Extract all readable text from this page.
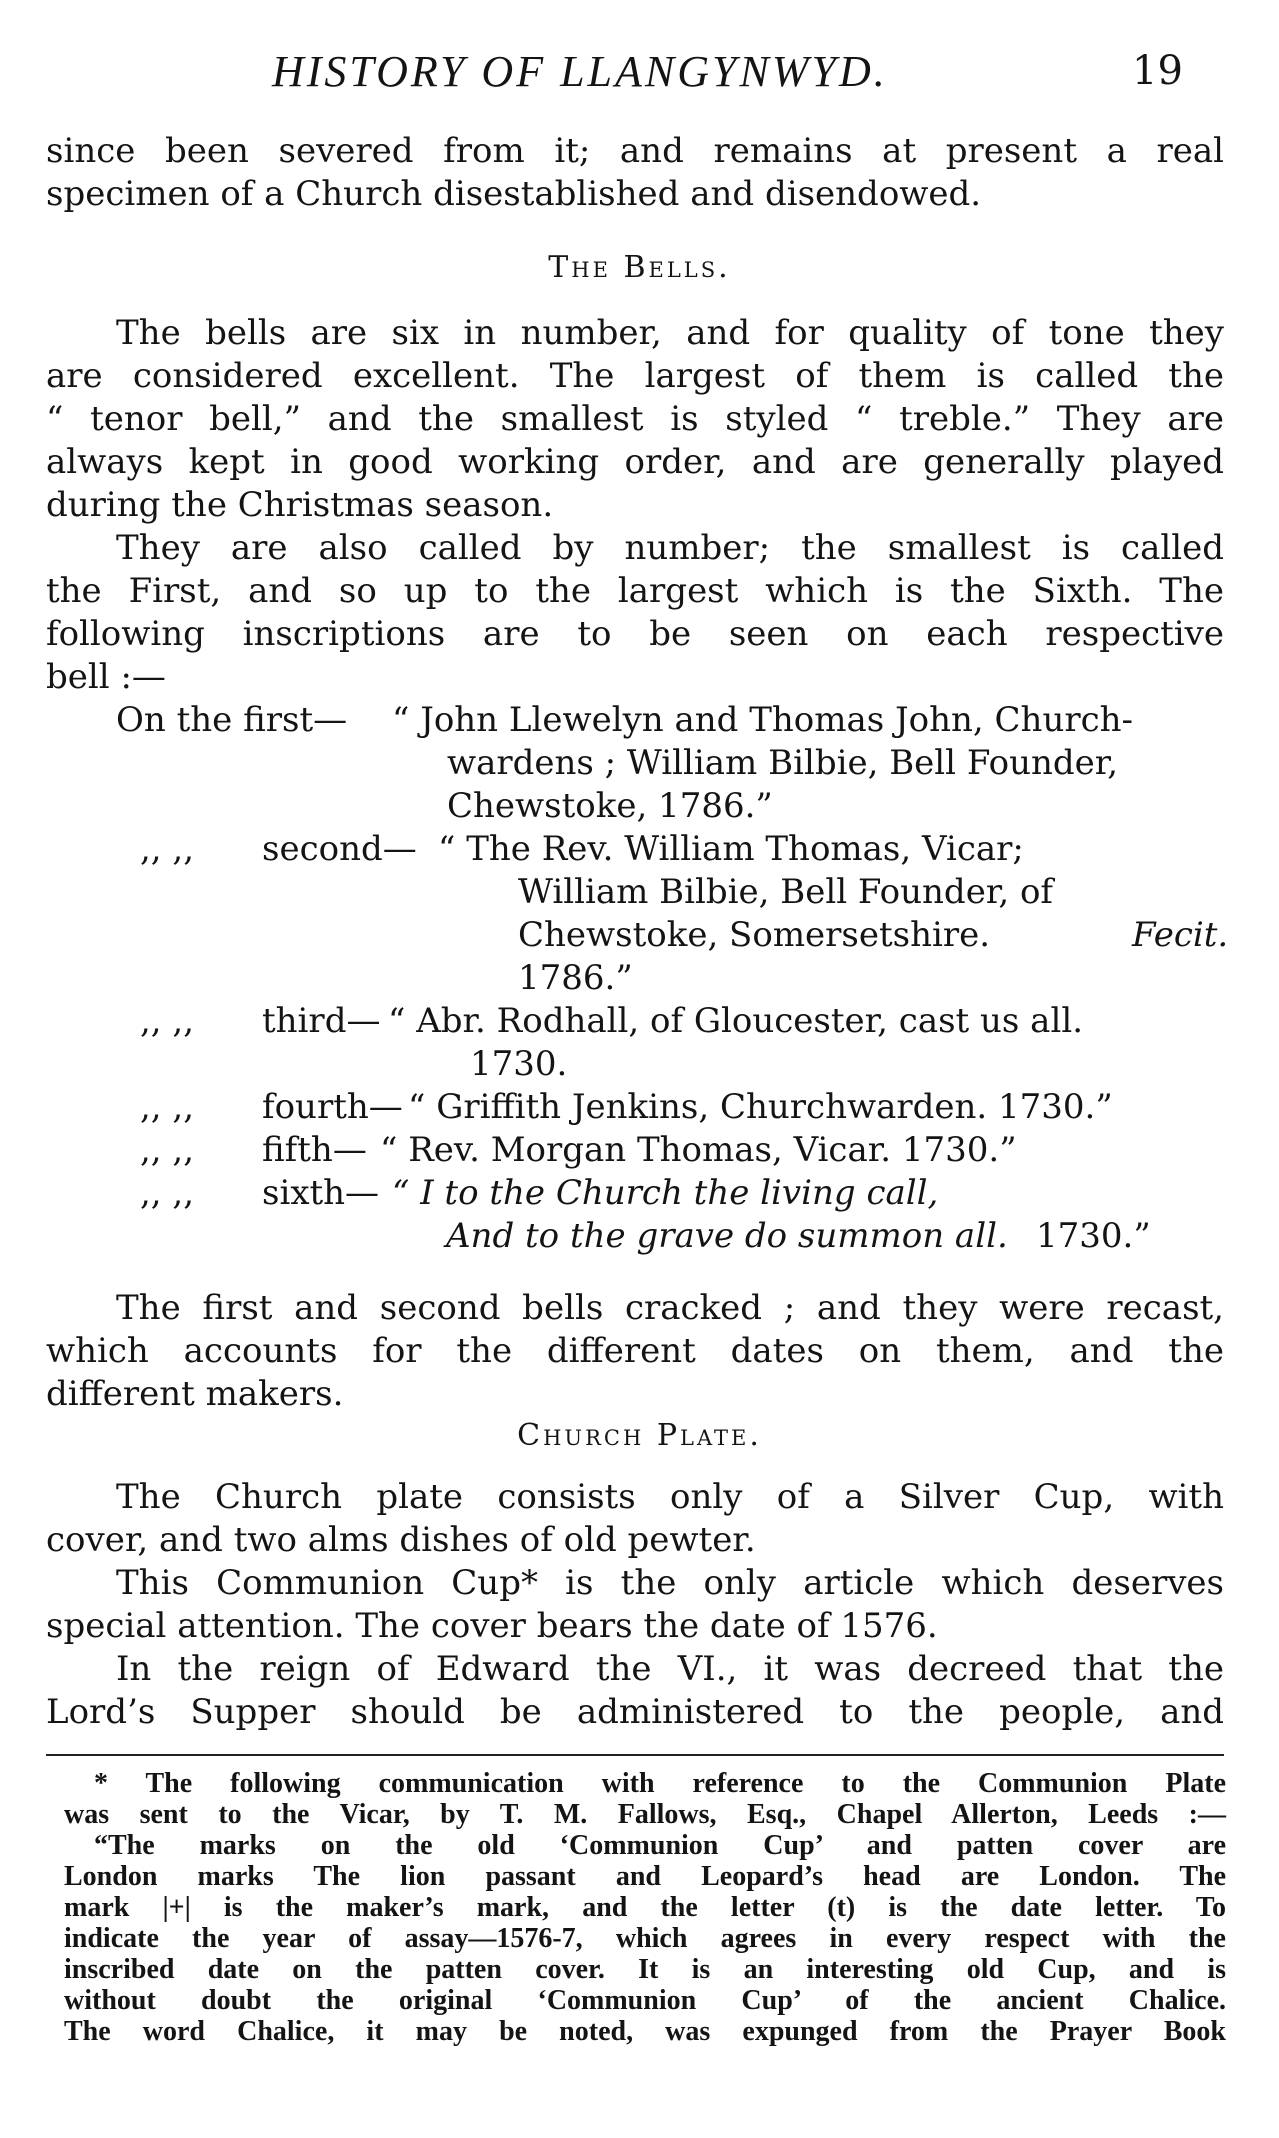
HISTORY OF LLANGYNWYD.	19
since been severed from it; and remains at present a real
specimen of a Church disestablished and disendowed.
The Bells.
The bells are six in number, and for quality of tone they
are considered excellent. The largest of them is called the
“ tenor bell,” and the smallest is styled “ treble.” They are
always kept in good working order, and are generally played
during the Christmas season.
They are also called by number; the smallest is called
the First, and so up to the largest which is the Sixth. The
following inscriptions are to be seen on each respective
bell :—
On the first— “ John Llewelyn and Thomas John, Church-
wardens ; William Bilbie, Bell Founder,
Chewstoke, 1786.”
,, ,, second— “ The Rev. William Thomas, Vicar;
William Bilbie, Bell Founder, of
Chewstoke, Somersetshire.	Fecit.
1786.”
,, ,, third— “ Abr. Rodhall, of Gloucester, cast us all.
1730.
,, ,, fourth— “ Griffith Jenkins, Churchwarden. 1730.”
,, ,, fifth— “ Rev. Morgan Thomas, Vicar. 1730.”
,, ,, sixth— “ I to the Church the living call,
And to the grave do summon all. 1730.”
The first and second bells cracked ; and they were recast,
which accounts for the different dates on them, and the
different makers.
Church Plate.
The Church plate consists only of a Silver Cup, with
cover, and two alms dishes of old pewter.
This Communion Cup* is the only article which deserves
special attention. The cover bears the date of 1576.
In the reign of Edward the VI., it was decreed that the
Lord’s Supper should be administered to the people, and
* The following communication with reference to the Communion Plate
was sent to the Vicar, by T. M. Fallows, Esq., Chapel Allerton, Leeds :—
“The marks on the old ‘Communion Cup’ and patten cover are
London marks The lion passant and Leopard’s head are London. The
mark |+| is the maker’s mark, and the letter (t) is the date letter. To
indicate the year of assay—1576-7, which agrees in every respect with the
inscribed date on the patten cover. It is an interesting old Cup, and is
without doubt the original ‘Communion Cup’ of the ancient Chalice.
The word Chalice, it may be noted, was expunged from the Prayer Book
